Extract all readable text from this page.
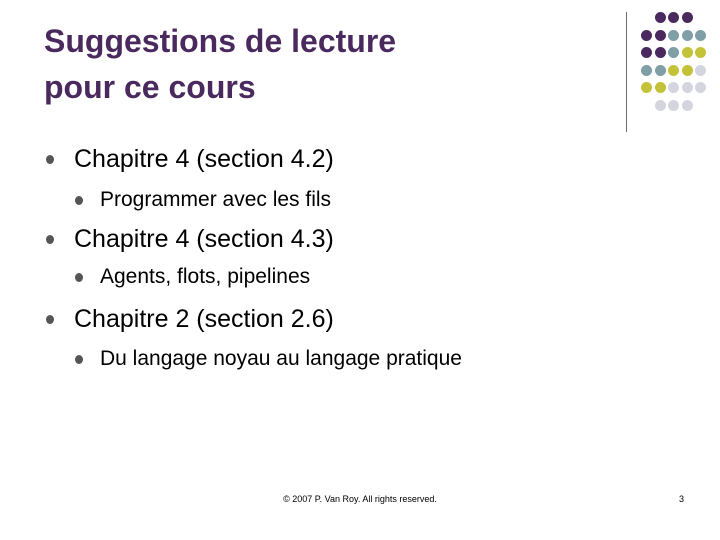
Suggestions de lecture
pour ce cours
Chapitre 4 (section 4.2)
Programmer avec les fils
Chapitre 4 (section 4.3)
Agents, flots, pipelines
Chapitre 2 (section 2.6)
Du langage noyau au langage pratique
© 2007 P. Van Roy. All rights reserved.	3
